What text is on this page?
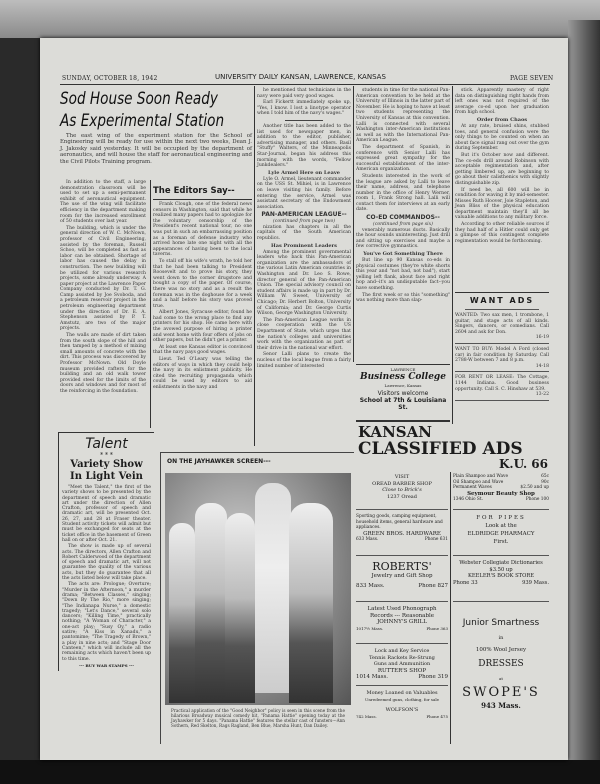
SUNDAY, OCTOBER 18, 1942	UNIVERSITY DAILY KANSAN, LAWRENCE, KANSAS	PAGE SEVEN
Sod House Soon Ready
As Experimental Station

The east wing of the experiment station for the School of Engineering will be ready for use within the next two weeks, Dean J. J. Jakosky said yesterday. It will be occupied by the department of aeronautics, and will house the staff for aeronautical engineering and the Civil Pilots Training program.

In addition to the staff, a large demonstration classroom will be used to set up a semi-permanent exhibit of aeronautical equipment. The use of the wing will facilitate efficiency in the department making room for the increased enrollment of 50 students over last year.

The building, which is under the general direction of W. C. McNown, professor of Civil Engineering, assisted by the foreman, Russell Schoo, will be completed as fast as labor can be obtained. Shortage of labor has caused the delay in construction. The new building will be utilized for various research projects, some already underway. A paper project at the Lawrence Paper Company conducted by Dr. T. G. Camp assisted by Joe Svoboda, and a petroleum reservoir project in the petroleum engineering department under the direction of Dr. E. A. Stephenson assisted by P. T. Amstutz, are two of the major projects.

The walls are made of dirt taken from the south slope of the hill and then tamped by a method of mixing small amounts of concrete with the dirt. This process was discovered by Professor McNown. Old Doyle museum provided rafters for the building and an old walk tower provided steel for the limits of the doors and windows and for most of the reinforcing in the foundation.

The Editors Say--

Frank Clough, one of the federal news censors in Washington, said that while he realized many papers had to apologize for the voluntary censorship of the President's recent national tour, no one was put in such an embarrassing position as a foreman of defense industry who arrived home late one night with all the appearances of having been to the local taverns.

To stall off his wife's wrath, he told her that he had been talking to President Roosevelt and to prove his story, they went down to the corner drugstore and bought a copy of the paper. Of course, there was no story and as a result the foreman was in the doghouse for a week and a half before his story was proved true.

Albert Jones, Syracuse editor, found he had come to the wrong place to find any printers for his shop. He came here with the avowed purpose of hiring a printer and went home with four offers of jobs on other papers, but he didn't get a printer.

At least one Kansas editor is convinced that the navy pays good wages.

Lieut. Ted O'Leary was telling the editors of ways in which they could help the navy in its enlistment publicity. He cited the recruiting propaganda which could be used by editors to aid enlistments in the navy and

he mentioned that technicians in the navy were paid very good wages.

Earl Fickertt immediately spoke up, "Yes, I know. I lost a linotype operator when I told him of the navy's wages."

Another title has been added to the list used for newspaper men, in addition to the editor, publisher, advertising manager, and others. Basil "Stuffy" Walters, of the Minneapolis Star-Journal, began his address this morning with the words, "Fellow Junkdealers."

Lyle Armel Here on Leave

Lyle O. Armel, lieutenant commander on the USS St. Mihiel, is in Lawrence on leave visiting his family. Before entering the service, Armel was assistant secretary of the Endowment association.

PAN-AMERICAN LEAGUE--
(continued from page two)

nization has chapters in all the capitals of the South American republics.

Has Prominent Leaders

Among the prominent governmental leaders who back this Pan-American organization are the ambassadors of the various Latin American countries in Washington and Dr. Leo S. Rowe, director general of the Pan-American Union. The special advisory council on student affairs is made up in part by Dr. William W. Sweet, University of Chicago; Dr. Herbert Bolton, University of California; and Dr. George Curtis Wilson, George Washington University.

The Pan-American League works in close cooperation with the US Department of State, which urges that the nation's colleges and universities work with the organization as part of their drive in the national war effort.

Senor Lalli plans to create the nucleus of the local league from a fairly limited number of interested

students in time for the national Pan-American convention to be held at the University of Illinois in the latter part of November. He is hoping to have at least two students representing the University of Kansas at this convention. Lalli is connected with several Washington inter-American institutions as well as with the International Pan-American League.

The department of Spanish, in conference with Senior Lalli has expressed great sympathy for the successful establishment of the inter-American organization.

Students interested in the work of the league are asked by Lalli to leave their name, address, and telephone number in the office of Henry Werner, room 1, Frank Strong hall. Lalli will contact them for interviews at an early date.

CO-ED COMMANDOS--
(continued from page six)

venerably numerous ducts. Basically the hour sounds uninteresting. Just drill and sitting up exercises and maybe a few corrective gymnastics.

You've Got Something There

But line up 90 Kansas co-eds in physical costumes (they're white shorts this year and "not bad, not bad"), start yelling left flank, about face and right hop and--it's an undisputable fact--you have something.

The first week or so this "something" was nothing more than slap-

stick. Apparently mastery of right data on distinguishing right hands from left ones was not required of the average co-ed upon her graduation from high school.

Order from Chaos

At any rate, bruised shins, stubbed toes, and general confusion were the only things to be counted on when an about face signal rang out over the gym during September.

But it's October now and different. The co-eds drill around Robinson with acceptable regimentation and, after getting limbered up, are beginning to go about their calisthenics with slightly distinguishable zip.

If need be, all 600 will be in condition for waving it by mid-semester. Misses Ruth Hoover, Joie Stapleton, and Jean Bliss of the physical education department maintain they'll all be valuable additions to any military force.

According to other reliable sources if they had half of a Hitler could only get a glimpse of this contingent complete regimentation would be forthcoming.

WANT ADS
WANTED: Two sax men, 1 trombone, 1 guitar, and stage acts of all kinds. Singers, dancers, or comedians. Call 2604 and ask for Don.
16-19
WANT TO BUY: Model A Ford (closed car) in fair condition by Saturday. Call 2788-W between 7 and 8 p.m.
14-18
FOR RENT OR LEASE: The Cottage, 1144 Indiana. Good business opportunity. Call S. C. Hinshaw at 539.
13-22
LAWRENCE
Business College
Lawrence, Kansas
Visitors welcome
School at 7th & Louisiana St.
KANSAN
CLASSIFIED ADS
K.U. 66
VISIT
OREAD BARBER SHOP
Close to Brick's
1237 Oread
Plain Shampoo and Wave	65c
Oil Shampoo and Wave	90c
Permanent Waves	$2.50 and up
Seymour Beauty Shop
1346 Ohio St.	Phone 100
Sporting goods, camping equipment, household items, general hardware and appliances.
GREEN BROS. HARDWARE
633 Mass.	Phone 631
FOR PIPES
Look at the
ELDRIDGE PHARMACY
First.
ROBERTS'
Jewelry and Gift Shop
833 Mass.	Phone 827
Webster Collegiate Dictionaries
$3.50 up
KEELER'S BOOK STORE
Phone 33	939 Mass.
Latest Used Phonograph
Records --- Reasonable
JOHNNY'S GRILL
1017½ Mass.	Phone 363
Lock and Key Service
Tennis Rackets Re-Strung
Guns and Ammunition
RUTTER'S SHOP
1014 Mass.	Phone 319
Money Loaned on Valuables
Unredeemed guns, clothing, for sale
WOLFSON'S
742 Mass.	Phone 475
Junior Smartness
in
100% Wool Jersey
DRESSES
at
SWOPE'S
943 Mass.
Talent
* * *
Variety Show
In Light Vein

"Meet the Talent," the first of the variety shows to be presented by the department of speech and dramatic art under the direction of Allen Crafton, professor of speech and dramatic art, will be presented Oct. 26, 27, and 28 at Fraser theater. Student activity tickets will admit but must be exchanged for seats at the ticket office in the basement of Green hall on or after Oct. 21.

The show is made up of several acts. The directors, Allen Crafton and Robert Calderwood of the department of speech and dramatic art, will not guarantee the quality of the various acts, but they do guarantee that all the acts listed below will take place.

The acts are: Prologue; Overture; "Murder in the Afternoon," a murder drama; "Between Classes," singing; "Down By The Rio," more singing; "The Indianapa Nurse," a domestic tragedy; "Let's Dance," several solo dancers; "Killing Time," practically nothing; "A Woman of Character," a one-act play; "Susy Oy," a radio satire; "A Kiss in Xanadu," a pantomime; "The Tragedy of Brown," a play in nine acts; and "Stage Door Canteen," which will include all the remaining acts which haven't been up to this time.

--- BUY WAR STAMPS ---
ON THE JAYHAWKER SCREEN---
Practical application of the "Good Neighbor" policy is seen in this scene from the hilarious Broadway musical comedy hit, "Panama Hattie" opening today at the Jayhawker for 5 days. "Panama Hattie" features the stellar cast of funsters---Ann Sothern, Red Skelton, Rags Ragland, Ben Blue, Marsha Hunt, Dan Dailey.
